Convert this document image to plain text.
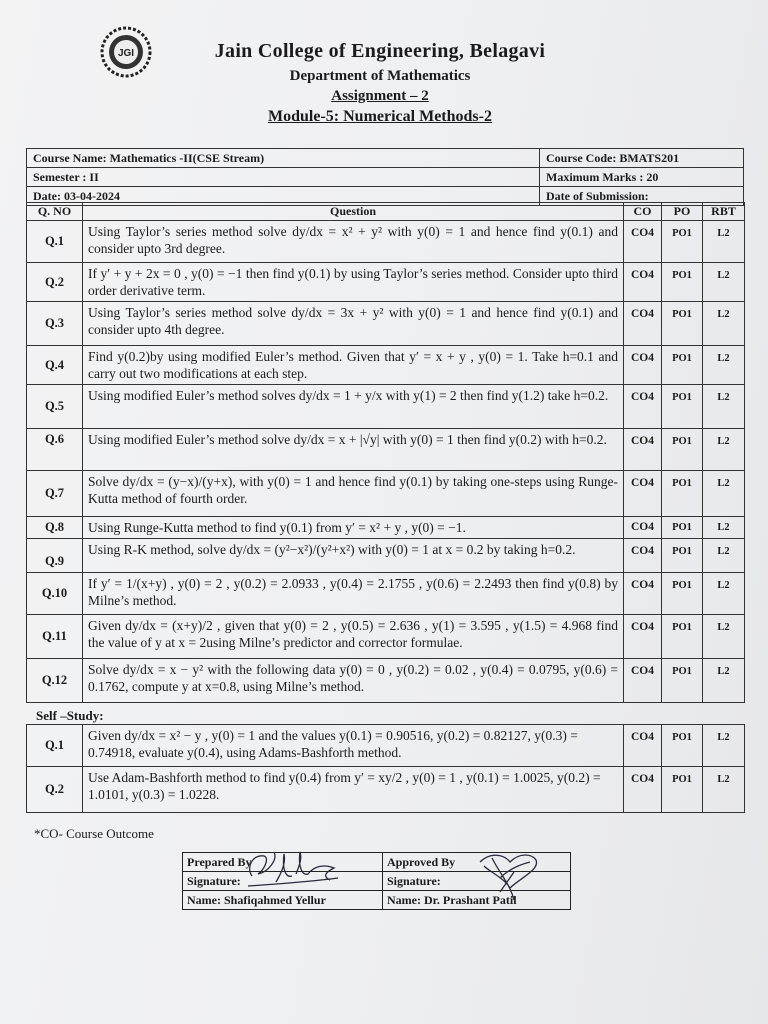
JGI	Jain College of Engineering, Belagavi
Department of Mathematics
Assignment – 2
Module-5: Numerical Methods-2
Course Name: Mathematics -II(CSE Stream)	Course Code: BMATS201
Semester : II	Maximum Marks : 20
Date: 03-04-2024	Date of Submission:
Q. NO	Question	CO	PO	RBT
Q.1	Using Taylor’s series method solve dy/dx = x² + y² with y(0) = 1 and hence find y(0.1) and consider upto 3rd degree.	CO4	PO1	L2
Q.2	If y′ + y + 2x = 0 , y(0) = −1 then find y(0.1) by using Taylor’s series method. Consider upto third order derivative term.	CO4	PO1	L2
Q.3	Using Taylor’s series method solve dy/dx = 3x + y² with y(0) = 1 and hence find y(0.1) and consider upto 4th degree.	CO4	PO1	L2
Q.4	Find y(0.2)by using modified Euler’s method. Given that y′ = x + y , y(0) = 1. Take h=0.1 and carry out two modifications at each step.	CO4	PO1	L2
Q.5	Using modified Euler’s method solves dy/dx = 1 + y/x with y(1) = 2 then find y(1.2) take h=0.2.	CO4	PO1	L2
Q.6	Using modified Euler’s method solve dy/dx = x + |√y| with y(0) = 1 then find y(0.2) with h=0.2.	CO4	PO1	L2
Q.7	Solve dy/dx = (y−x)/(y+x), with y(0) = 1 and hence find y(0.1) by taking one-steps using Runge-Kutta method of fourth order.	CO4	PO1	L2
Q.8	Using Runge-Kutta method to find y(0.1) from y′ = x² + y , y(0) = −1.	CO4	PO1	L2
Q.9	Using R-K method, solve dy/dx = (y²−x²)/(y²+x²) with y(0) = 1 at x = 0.2 by taking h=0.2.	CO4	PO1	L2
Q.10	If y′ = 1/(x+y) , y(0) = 2 , y(0.2) = 2.0933 , y(0.4) = 2.1755 , y(0.6) = 2.2493 then find y(0.8) by Milne’s method.	CO4	PO1	L2
Q.11	Given dy/dx = (x+y)/2 , given that y(0) = 2 , y(0.5) = 2.636 , y(1) = 3.595 , y(1.5) = 4.968 find the value of y at x = 2using Milne’s predictor and corrector formulae.	CO4	PO1	L2
Q.12	Solve dy/dx = x − y² with the following data y(0) = 0 , y(0.2) = 0.02 , y(0.4) = 0.0795, y(0.6) = 0.1762, compute y at x=0.8, using Milne’s method.	CO4	PO1	L2
Self –Study:
Q.1	Given dy/dx = x² − y , y(0) = 1 and the values y(0.1) = 0.90516, y(0.2) = 0.82127, y(0.3) = 0.74918, evaluate y(0.4), using Adams-Bashforth method.	CO4	PO1	L2
Q.2	Use Adam-Bashforth method to find y(0.4) from y′ = xy/2 , y(0) = 1 , y(0.1) = 1.0025, y(0.2) = 1.0101, y(0.3) = 1.0228.	CO4	PO1	L2
*CO- Course Outcome
Prepared By	Approved By
Signature:	Signature:
Name: Shafiqahmed Yellur	Name: Dr. Prashant Patil
